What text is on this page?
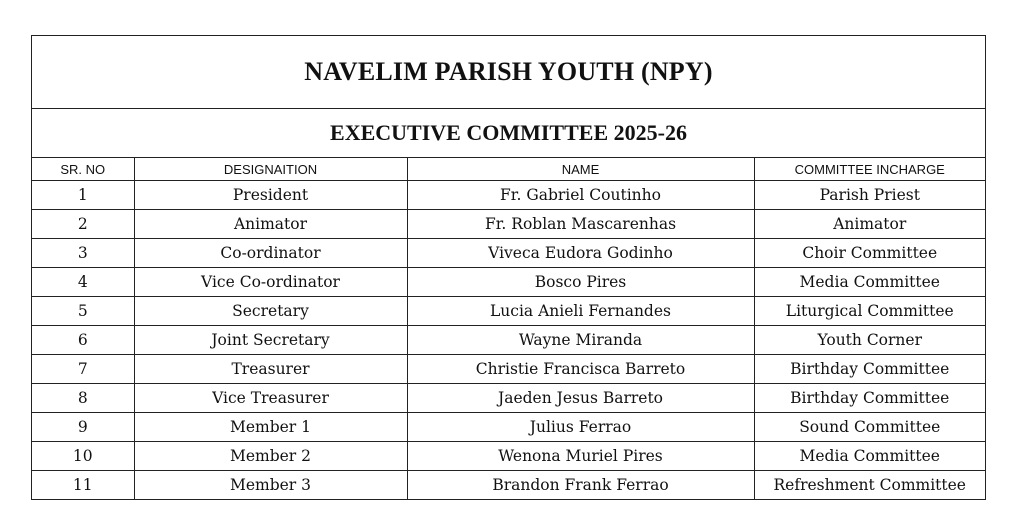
NAVELIM PARISH YOUTH (NPY)
EXECUTIVE COMMITTEE 2025-26
SR. NO	DESIGNAITION	NAME	COMMITTEE INCHARGE
1	President	Fr. Gabriel Coutinho	Parish Priest
2	Animator	Fr. Roblan Mascarenhas	Animator
3	Co-ordinator	Viveca Eudora Godinho	Choir Committee
4	Vice Co-ordinator	Bosco Pires	Media Committee
5	Secretary	Lucia Anieli Fernandes	Liturgical Committee
6	Joint Secretary	Wayne Miranda	Youth Corner
7	Treasurer	Christie Francisca Barreto	Birthday Committee
8	Vice Treasurer	Jaeden Jesus Barreto	Birthday Committee
9	Member 1	Julius Ferrao	Sound Committee
10	Member 2	Wenona Muriel Pires	Media Committee
11	Member 3	Brandon Frank Ferrao	Refreshment Committee
